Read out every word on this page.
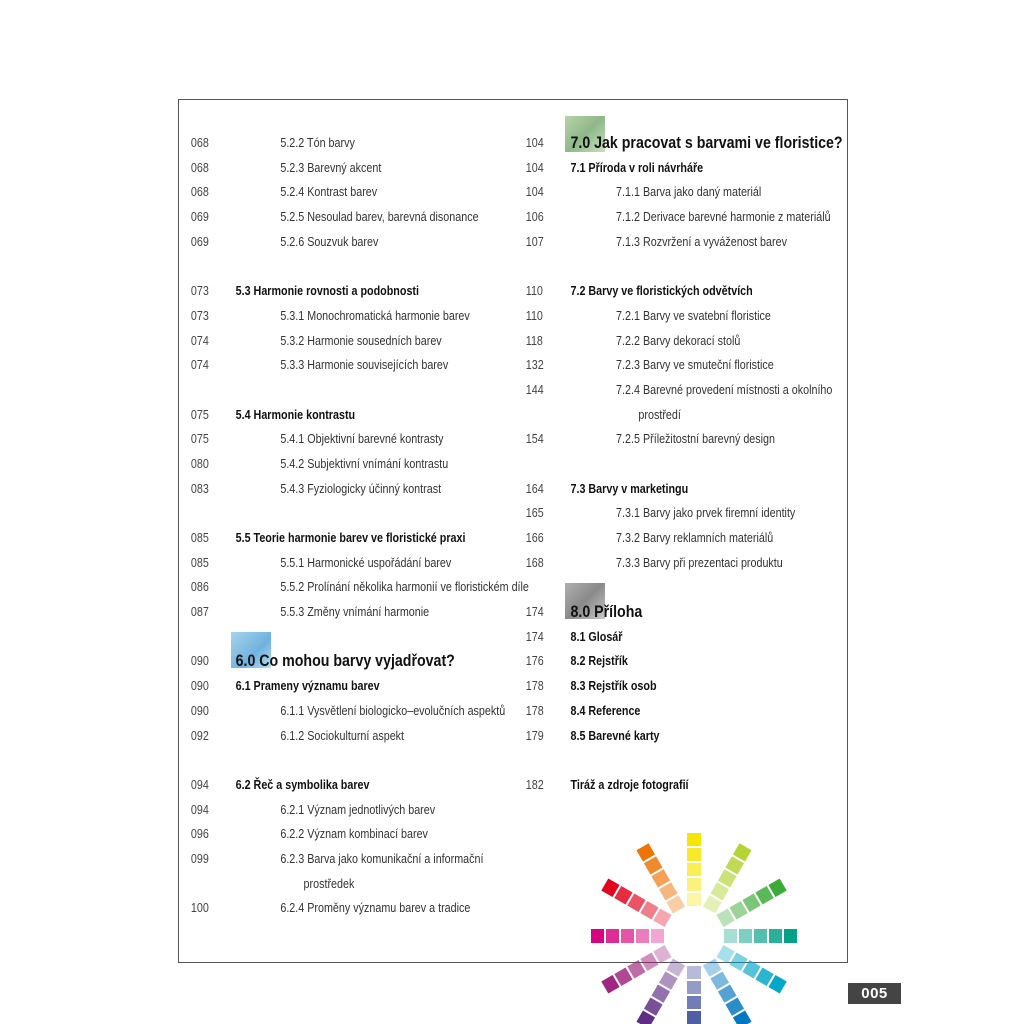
068	5.2.2 Tón barvy
068	5.2.3 Barevný akcent
068	5.2.4 Kontrast barev
069	5.2.5 Nesoulad barev, barevná disonance
069	5.2.6 Souzvuk barev
073 5.3 Harmonie rovnosti a podobnosti
073	5.3.1 Monochromatická harmonie barev
074	5.3.2 Harmonie sousedních barev
074	5.3.3 Harmonie souvisejících barev
075 5.4 Harmonie kontrastu
075	5.4.1 Objektivní barevné kontrasty
080	5.4.2 Subjektivní vnímání kontrastu
083	5.4.3 Fyziologicky účinný kontrast
085 5.5 Teorie harmonie barev ve floristické praxi
085	5.5.1 Harmonické uspořádání barev
086	5.5.2 Prolínání několika harmonií ve floristickém díle
087	5.5.3 Změny vnímání harmonie
090 6.0 Co mohou barvy vyjadřovat?
090 6.1 Prameny významu barev
090	6.1.1 Vysvětlení biologicko–evolučních aspektů
092	6.1.2 Sociokulturní aspekt
094 6.2 Řeč a symbolika barev
094	6.2.1 Význam jednotlivých barev
096	6.2.2 Význam kombinací barev
099	6.2.3 Barva jako komunikační a informační
prostředek
100	6.2.4 Proměny významu barev a tradice
104 7.0 Jak pracovat s barvami ve floristice?
104 7.1 Příroda v roli návrháře
104	7.1.1 Barva jako daný materiál
106	7.1.2 Derivace barevné harmonie z materiálů
107	7.1.3 Rozvržení a vyváženost barev
110 7.2 Barvy ve floristických odvětvích
110	7.2.1 Barvy ve svatební floristice
118	7.2.2 Barvy dekorací stolů
132	7.2.3 Barvy ve smuteční floristice
144	7.2.4 Barevné provedení místnosti a okolního
prostředí
154	7.2.5 Příležitostní barevný design
164 7.3 Barvy v marketingu
165	7.3.1 Barvy jako prvek firemní identity
166	7.3.2 Barvy reklamních materiálů
168	7.3.3 Barvy při prezentaci produktu
174 8.0 Příloha
174 8.1 Glosář
176 8.2 Rejstřík
178 8.3 Rejstřík osob
178 8.4 Reference
179 8.5 Barevné karty
182 Tiráž a zdroje fotografií
005
